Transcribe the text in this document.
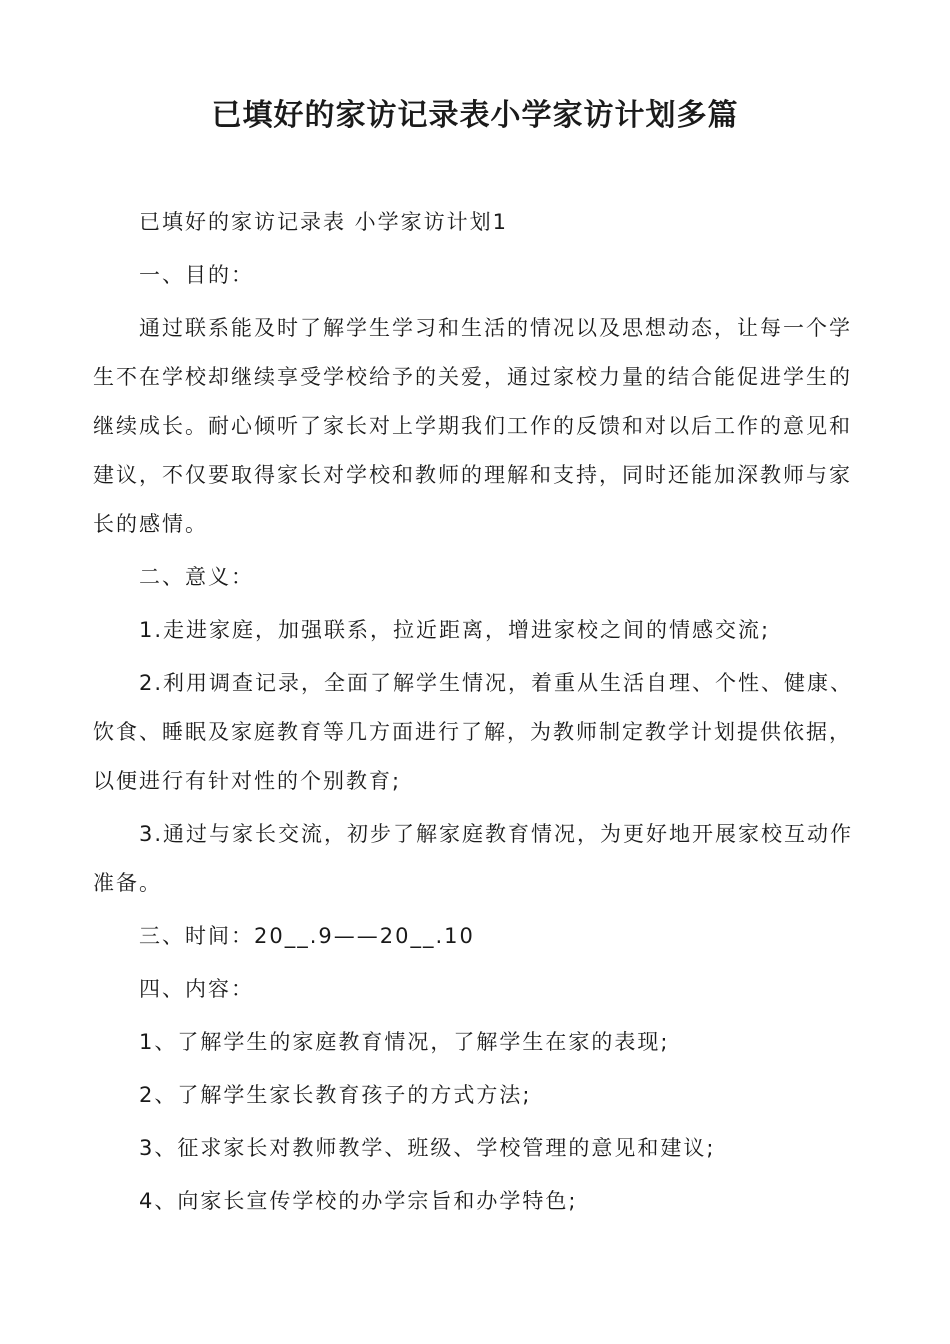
已填好的家访记录表小学家访计划多篇

已填好的家访记录表 小学家访计划1

一、目的：

通过联系能及时了解学生学习和生活的情况以及思想动态，让每一个学生不在学校却继续享受学校给予的关爱，通过家校力量的结合能促进学生的继续成长。耐心倾听了家长对上学期我们工作的反馈和对以后工作的意见和建议，不仅要取得家长对学校和教师的理解和支持，同时还能加深教师与家长的感情。

二、意义：

1.走进家庭，加强联系，拉近距离，增进家校之间的情感交流;

2.利用调查记录，全面了解学生情况，着重从生活自理、个性、健康、饮食、睡眠及家庭教育等几方面进行了解，为教师制定教学计划提供依据，以便进行有针对性的个别教育;

3.通过与家长交流，初步了解家庭教育情况，为更好地开展家校互动作准备。

三、时间：20__.9——20__.10

四、内容：

1、了解学生的家庭教育情况，了解学生在家的表现;

2、了解学生家长教育孩子的方式方法;

3、征求家长对教师教学、班级、学校管理的意见和建议;

4、向家长宣传学校的办学宗旨和办学特色;
